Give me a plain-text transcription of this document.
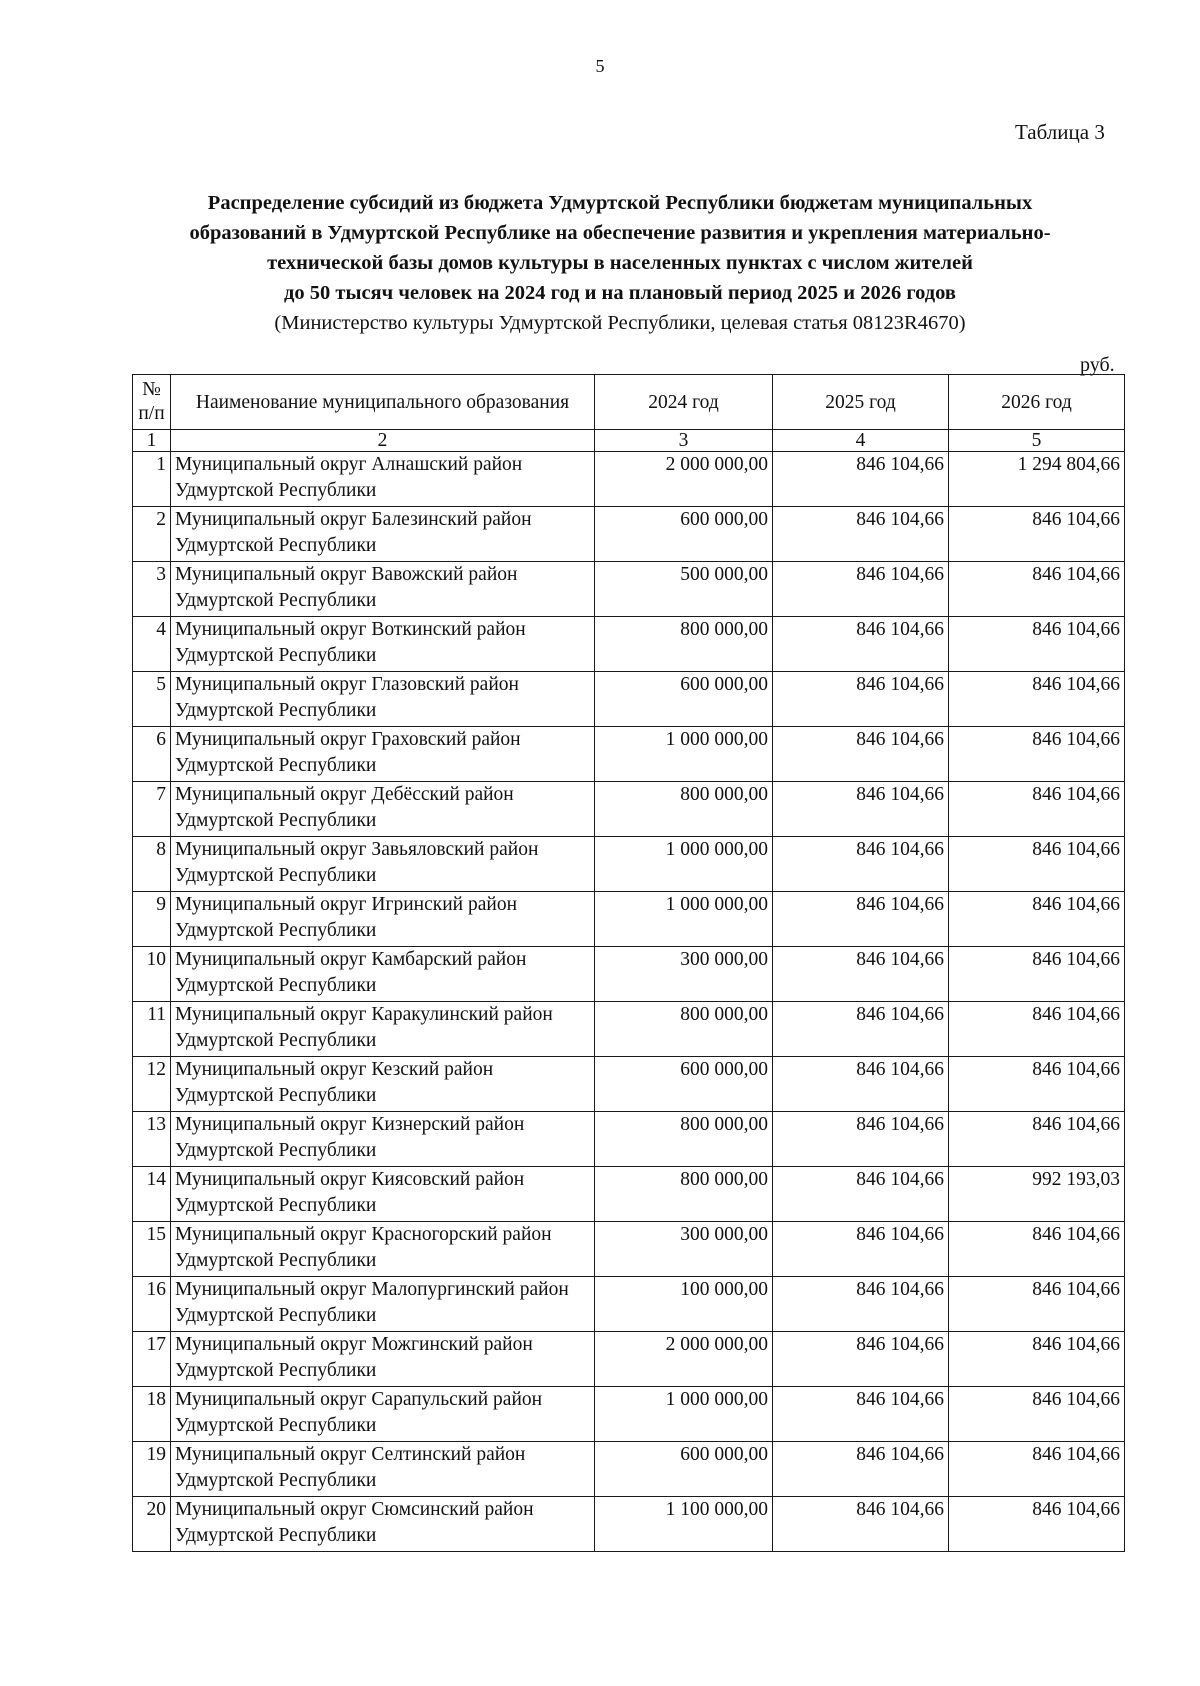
5
Таблица 3
Распределение субсидий из бюджета Удмуртской Республики бюджетам муниципальных
образований в Удмуртской Республике на обеспечение развития и укрепления материально-
технической базы домов культуры в населенных пунктах с числом жителей
до 50 тысяч человек на 2024 год и на плановый период 2025 и 2026 годов
(Министерство культуры Удмуртской Республики, целевая статья 08123R4670)
руб.
№ п/п	Наименование муниципального образования	2024 год	2025 год	2026 год
1	2	3	4	5
1	Муниципальный округ Алнашский район Удмуртской Республики	2 000 000,00	846 104,66	1 294 804,66
2	Муниципальный округ Балезинский район Удмуртской Республики	600 000,00	846 104,66	846 104,66
3	Муниципальный округ Вавожский район Удмуртской Республики	500 000,00	846 104,66	846 104,66
4	Муниципальный округ Воткинский район Удмуртской Республики	800 000,00	846 104,66	846 104,66
5	Муниципальный округ Глазовский район Удмуртской Республики	600 000,00	846 104,66	846 104,66
6	Муниципальный округ Граховский район Удмуртской Республики	1 000 000,00	846 104,66	846 104,66
7	Муниципальный округ Дебёсский район Удмуртской Республики	800 000,00	846 104,66	846 104,66
8	Муниципальный округ Завьяловский район Удмуртской Республики	1 000 000,00	846 104,66	846 104,66
9	Муниципальный округ Игринский район Удмуртской Республики	1 000 000,00	846 104,66	846 104,66
10	Муниципальный округ Камбарский район Удмуртской Республики	300 000,00	846 104,66	846 104,66
11	Муниципальный округ Каракулинский район Удмуртской Республики	800 000,00	846 104,66	846 104,66
12	Муниципальный округ Кезский район Удмуртской Республики	600 000,00	846 104,66	846 104,66
13	Муниципальный округ Кизнерский район Удмуртской Республики	800 000,00	846 104,66	846 104,66
14	Муниципальный округ Киясовский район Удмуртской Республики	800 000,00	846 104,66	992 193,03
15	Муниципальный округ Красногорский район Удмуртской Республики	300 000,00	846 104,66	846 104,66
16	Муниципальный округ Малопургинский район Удмуртской Республики	100 000,00	846 104,66	846 104,66
17	Муниципальный округ Можгинский район Удмуртской Республики	2 000 000,00	846 104,66	846 104,66
18	Муниципальный округ Сарапульский район Удмуртской Республики	1 000 000,00	846 104,66	846 104,66
19	Муниципальный округ Селтинский район Удмуртской Республики	600 000,00	846 104,66	846 104,66
20	Муниципальный округ Сюмсинский район Удмуртской Республики	1 100 000,00	846 104,66	846 104,66
